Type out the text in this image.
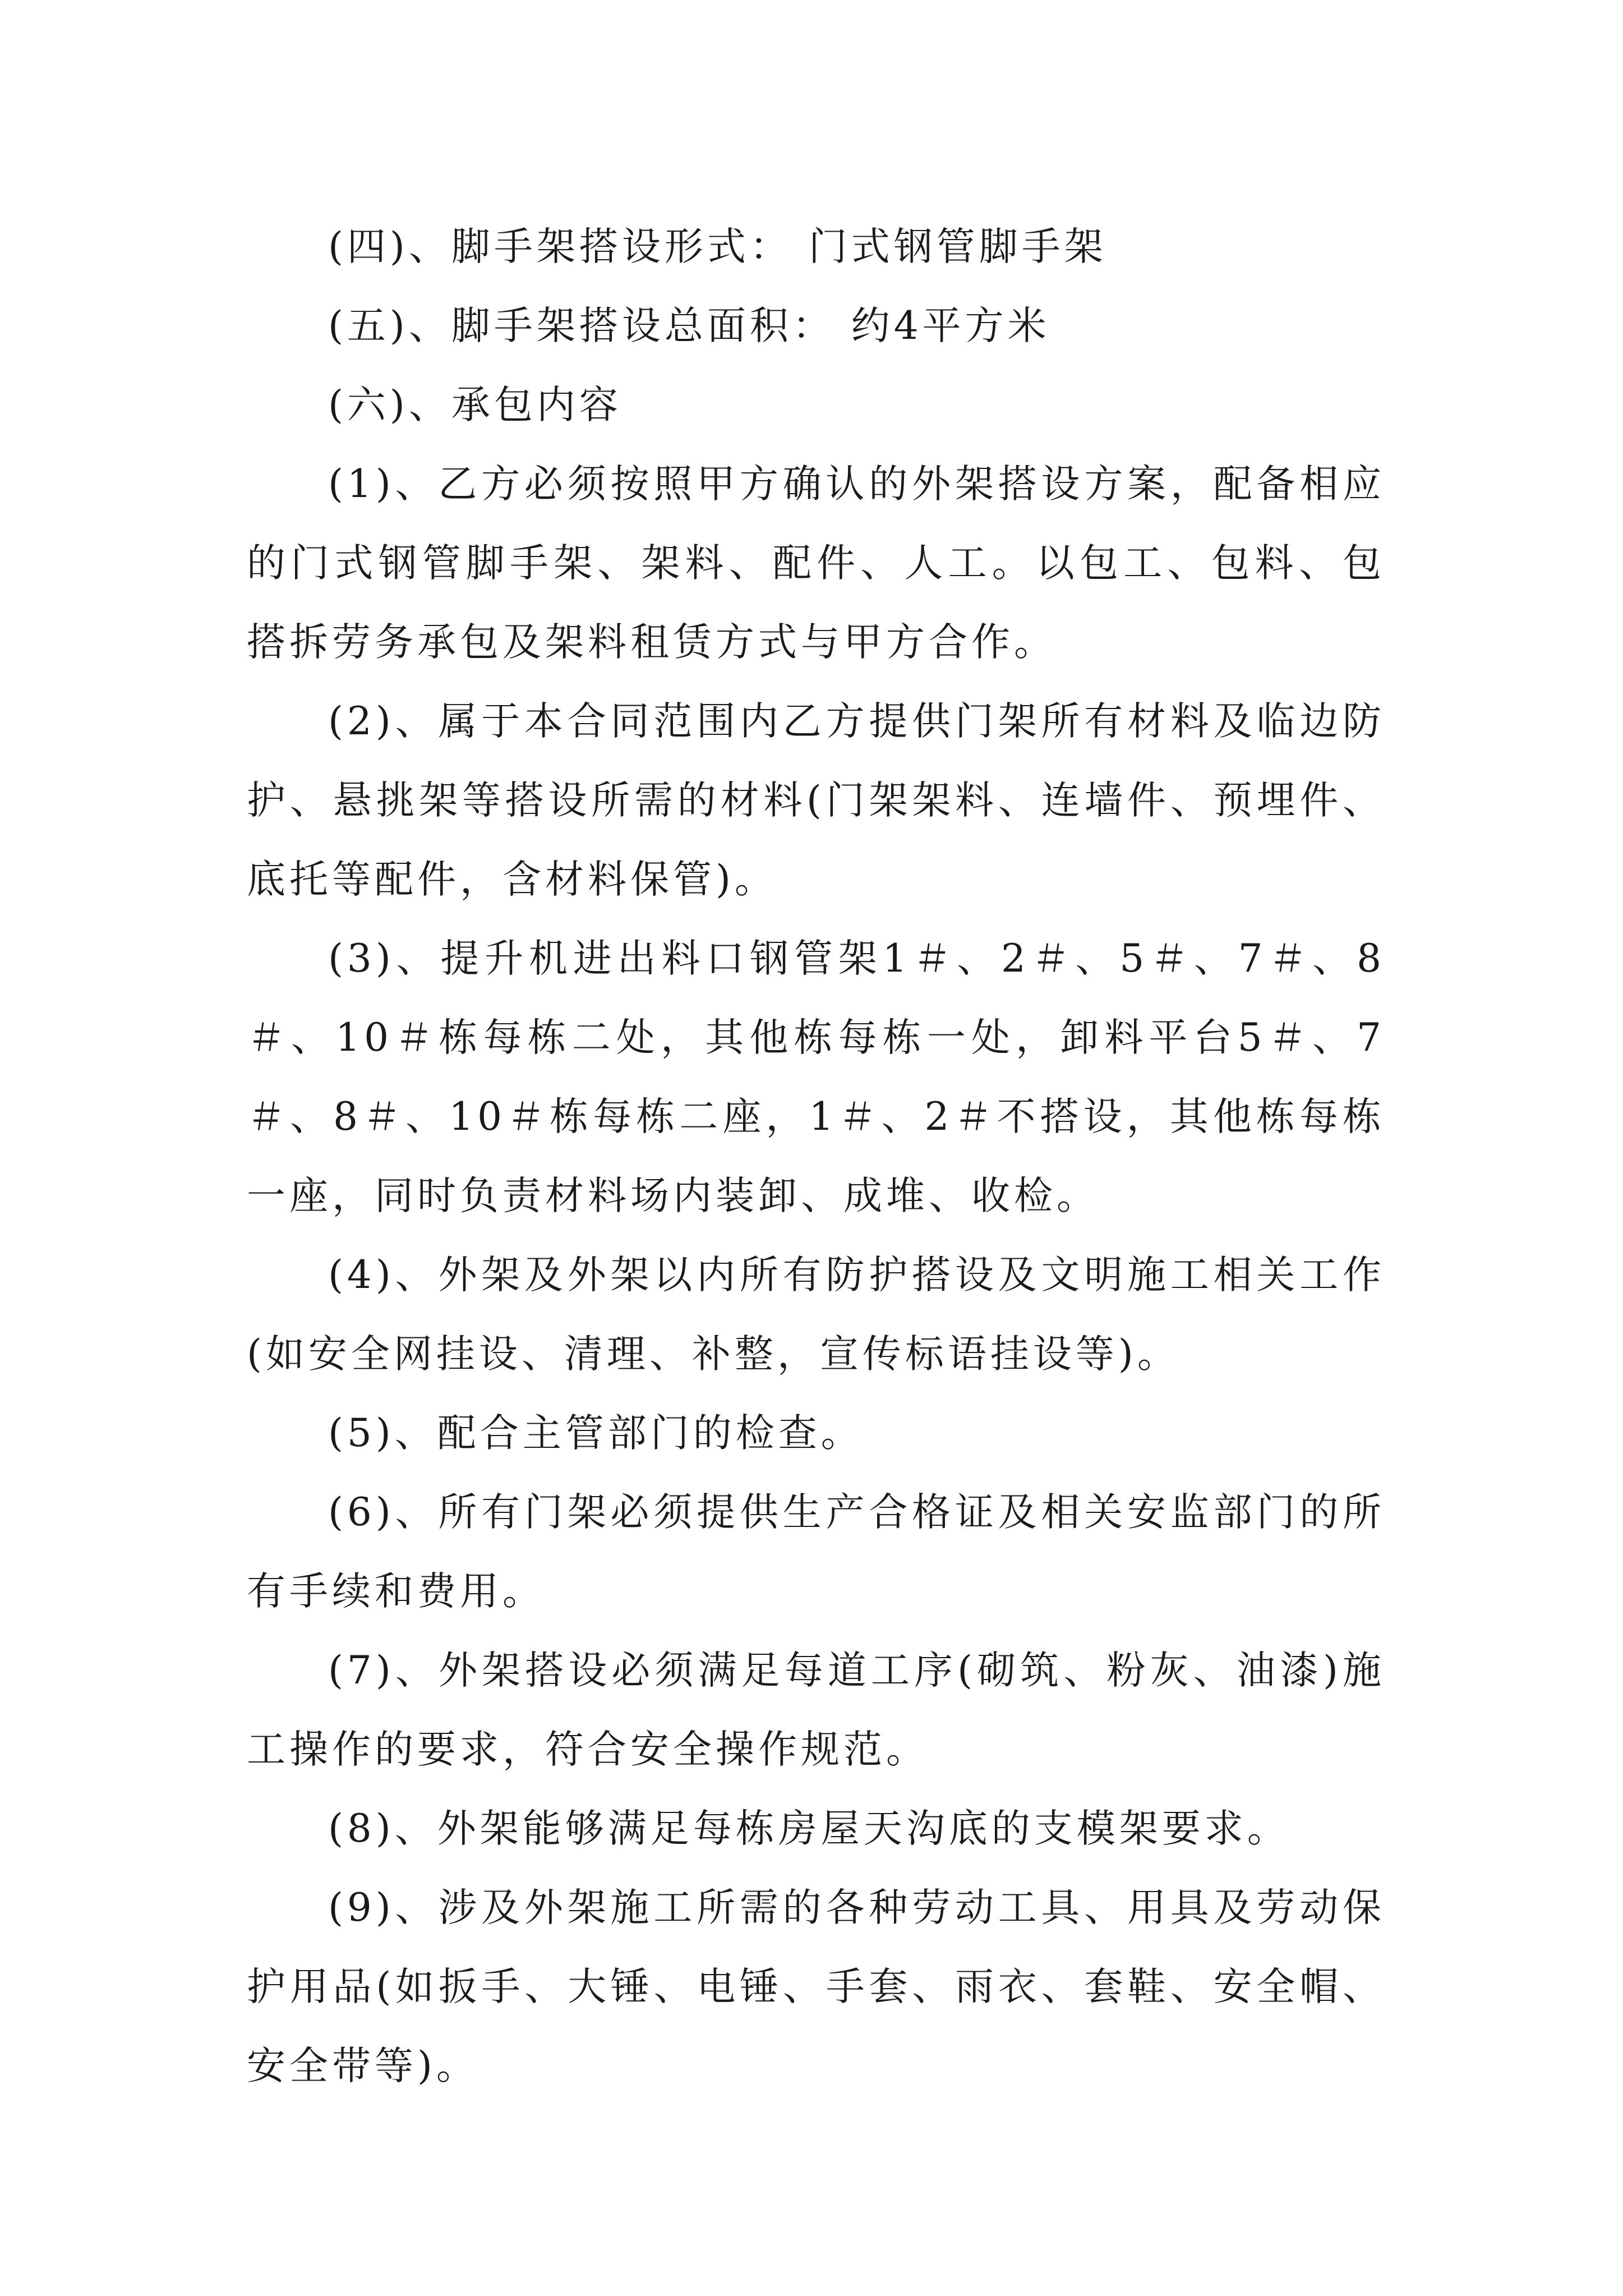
(四)、脚手架搭设形式： 门式钢管脚手架

(五)、脚手架搭设总面积： 约4平方米

(六)、承包内容

(1)、乙方必须按照甲方确认的外架搭设方案，配备相应的门式钢管脚手架、架料、配件、人工。以包工、包料、包搭拆劳务承包及架料租赁方式与甲方合作。

(2)、属于本合同范围内乙方提供门架所有材料及临边防护、悬挑架等搭设所需的材料(门架架料、连墙件、预埋件、底托等配件，含材料保管)。

(3)、提升机进出料口钢管架1＃、2＃、5＃、7＃、8＃、10＃栋每栋二处，其他栋每栋一处，卸料平台5＃、7＃、8＃、10＃栋每栋二座，1＃、2＃不搭设，其他栋每栋一座，同时负责材料场内装卸、成堆、收检。

(4)、外架及外架以内所有防护搭设及文明施工相关工作(如安全网挂设、清理、补整，宣传标语挂设等)。

(5)、配合主管部门的检查。

(6)、所有门架必须提供生产合格证及相关安监部门的所有手续和费用。

(7)、外架搭设必须满足每道工序(砌筑、粉灰、油漆)施工操作的要求，符合安全操作规范。

(8)、外架能够满足每栋房屋天沟底的支模架要求。

(9)、涉及外架施工所需的各种劳动工具、用具及劳动保护用品(如扳手、大锤、电锤、手套、雨衣、套鞋、安全帽、安全带等)。
